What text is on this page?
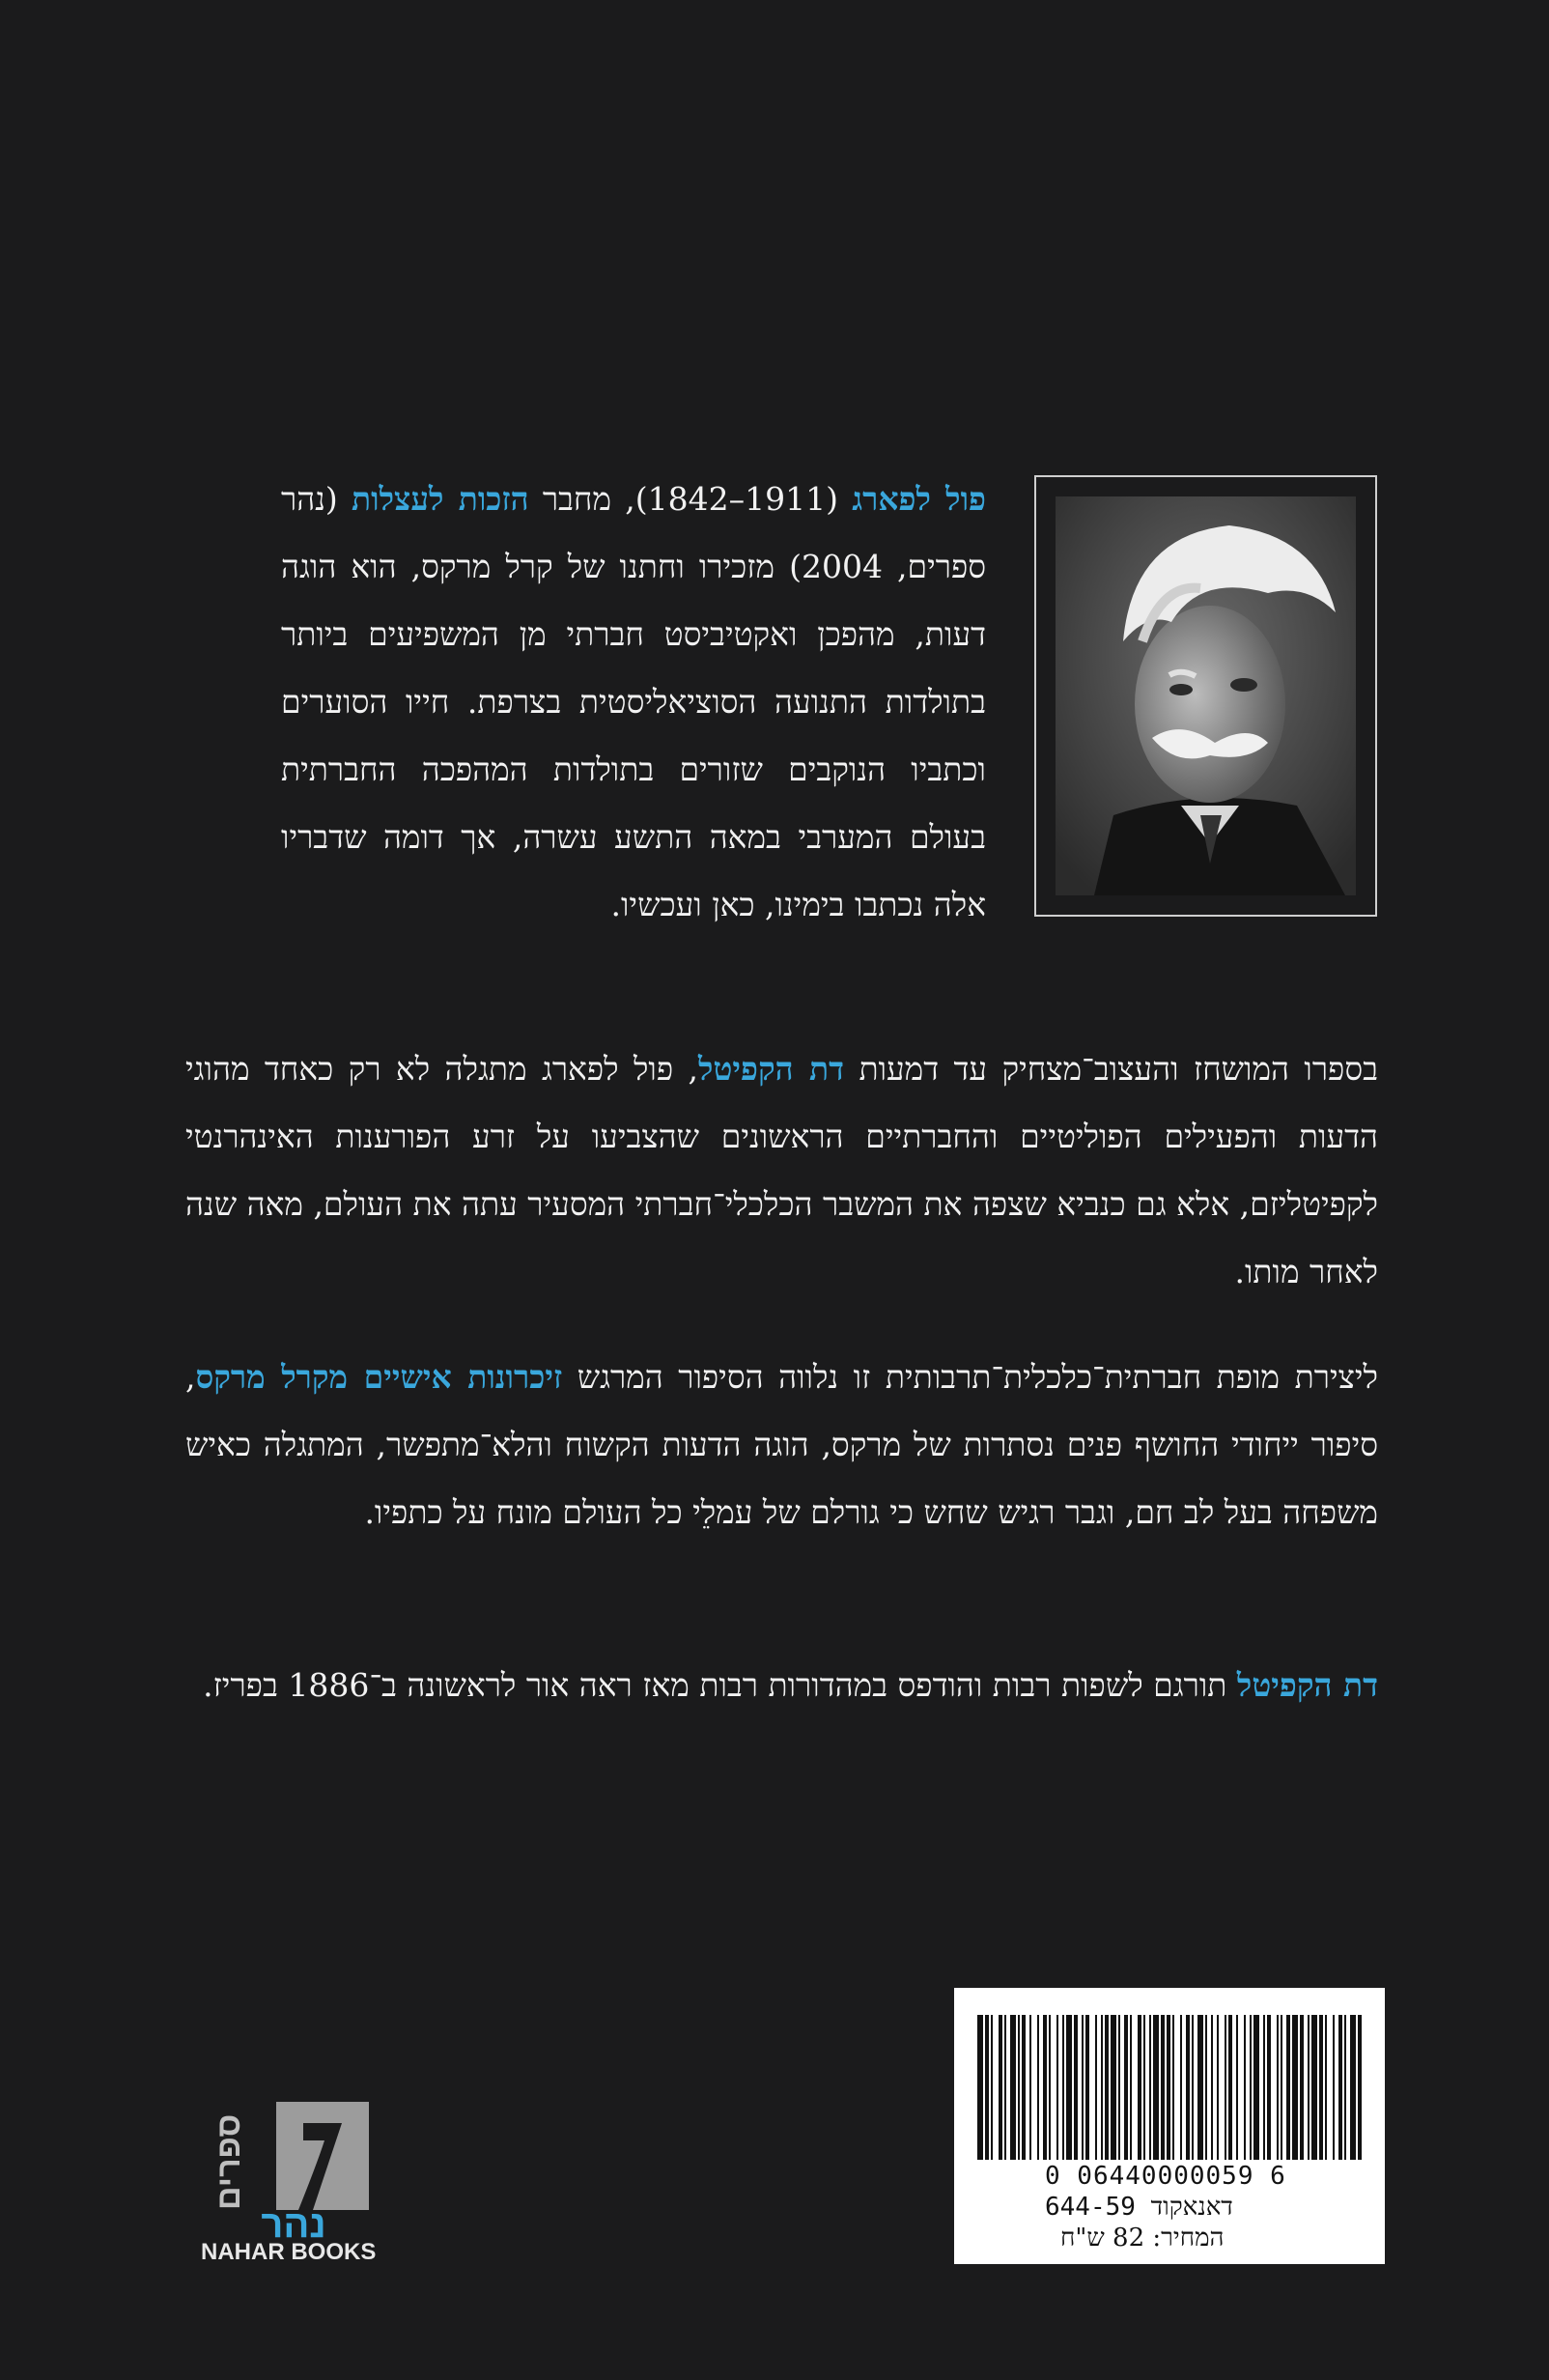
פול לפארג (1911–1842), מחבר הזכות לעצלות (נהר ספרים, 2004) מזכירו וחתנו של קרל מרקס, הוא הוגה דעות, מהפכן ואקטיביסט חברתי מן המשפיעים ביותר בתולדות התנועה הסוציאליסטית בצרפת. חייו הסוערים וכתביו הנוקבים שזורים בתולדות המהפכה החברתית בעולם המערבי במאה התשע עשרה, אך דומה שדבריו אלה נכתבו בימינו, כאן ועכשיו.

בספרו המושחז והעצוב־מצחיק עד דמעות דת הקפיטל, פול לפארג מתגלה לא רק כאחד מהוגי הדעות והפעילים הפוליטיים והחברתיים הראשונים שהצביעו על זרע הפורענות האינהרנטי לקפיטליזם, אלא גם כנביא שצפה את המשבר הכלכלי־חברתי המסעיר עתה את העולם, מאה שנה לאחר מותו.

ליצירת מופת חברתית־כלכלית־תרבותית זו נלווה הסיפור המרגש זיכרונות אישיים מקרל מרקס, סיפור ייחודי החושף פנים נסתרות של מרקס, הוגה הדעות הקשוח והלא־מתפשר, המתגלה כאיש משפחה בעל לב חם, וגבר רגיש שחש כי גורלם של עמלֵי כל העולם מונח על כתפיו.

דת הקפיטל תורגם לשפות רבות והודפס במהדורות רבות מאז ראה אור לראשונה ב־1886 בפריז.

0 06440000059 6
644-59 דאנאקוד
המחיר: 82 ש"ח
ספרים
נהר
NAHAR BOOKS
